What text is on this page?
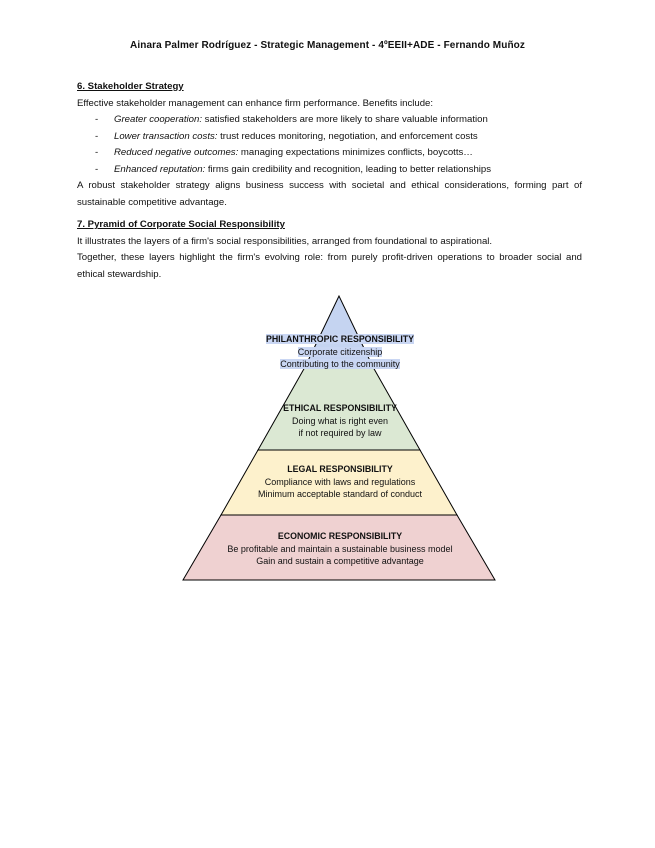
Ainara Palmer Rodríguez - Strategic Management - 4ºEEII+ADE - Fernando Muñoz

6. Stakeholder Strategy

Effective stakeholder management can enhance firm performance. Benefits include:

- Greater cooperation: satisfied stakeholders are more likely to share valuable information
- Lower transaction costs: trust reduces monitoring, negotiation, and enforcement costs
- Reduced negative outcomes: managing expectations minimizes conflicts, boycotts…
- Enhanced reputation: firms gain credibility and recognition, leading to better relationships

A robust stakeholder strategy aligns business success with societal and ethical considerations, forming part of sustainable competitive advantage.

7. Pyramid of Corporate Social Responsibility

It illustrates the layers of a firm's social responsibilities, arranged from foundational to aspirational.

Together, these layers highlight the firm's evolving role: from purely profit-driven operations to broader social and ethical stewardship.

PHILANTHROPIC RESPONSIBILITY
Corporate citizenship
Contributing to the community
ETHICAL RESPONSIBILITY
Doing what is right even
if not required by law
LEGAL RESPONSIBILITY
Compliance with laws and regulations
Minimum acceptable standard of conduct
ECONOMIC RESPONSIBILITY
Be profitable and maintain a sustainable business model
Gain and sustain a competitive advantage
